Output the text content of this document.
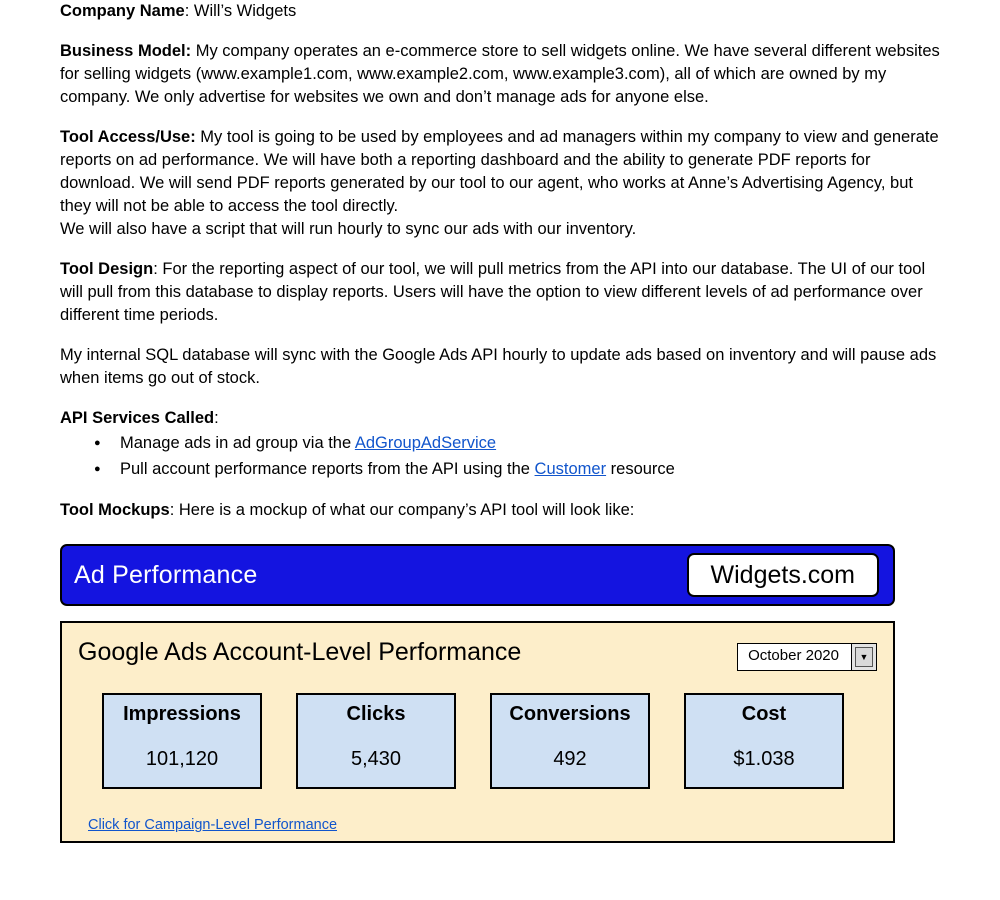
Company Name: Will’s Widgets

Business Model: My company operates an e-commerce store to sell widgets online. We have several different websites for selling widgets (www.example1.com, www.example2.com, www.example3.com), all of which are owned by my company. We only advertise for websites we own and don’t manage ads for anyone else.

Tool Access/Use: My tool is going to be used by employees and ad managers within my company to view and generate reports on ad performance. We will have both a reporting dashboard and the ability to generate PDF reports for download. We will send PDF reports generated by our tool to our agent, who works at Anne’s Advertising Agency, but they will not be able to access the tool directly.

We will also have a script that will run hourly to sync our ads with our inventory.

Tool Design: For the reporting aspect of our tool, we will pull metrics from the API into our database. The UI of our tool will pull from this database to display reports. Users will have the option to view different levels of ad performance over different time periods.

My internal SQL database will sync with the Google Ads API hourly to update ads based on inventory and will pause ads when items go out of stock.

API Services Called:

● Manage ads in ad group via the AdGroupAdService
● Pull account performance reports from the API using the Customer resource

Tool Mockups: Here is a mockup of what our company’s API tool will look like:

Ad Performance	Widgets.com
Google Ads Account-Level Performance	October 2020	▼
Impressions
101,120
Clicks
5,430
Conversions
492
Cost
$1.038
Click for Campaign-Level Performance
